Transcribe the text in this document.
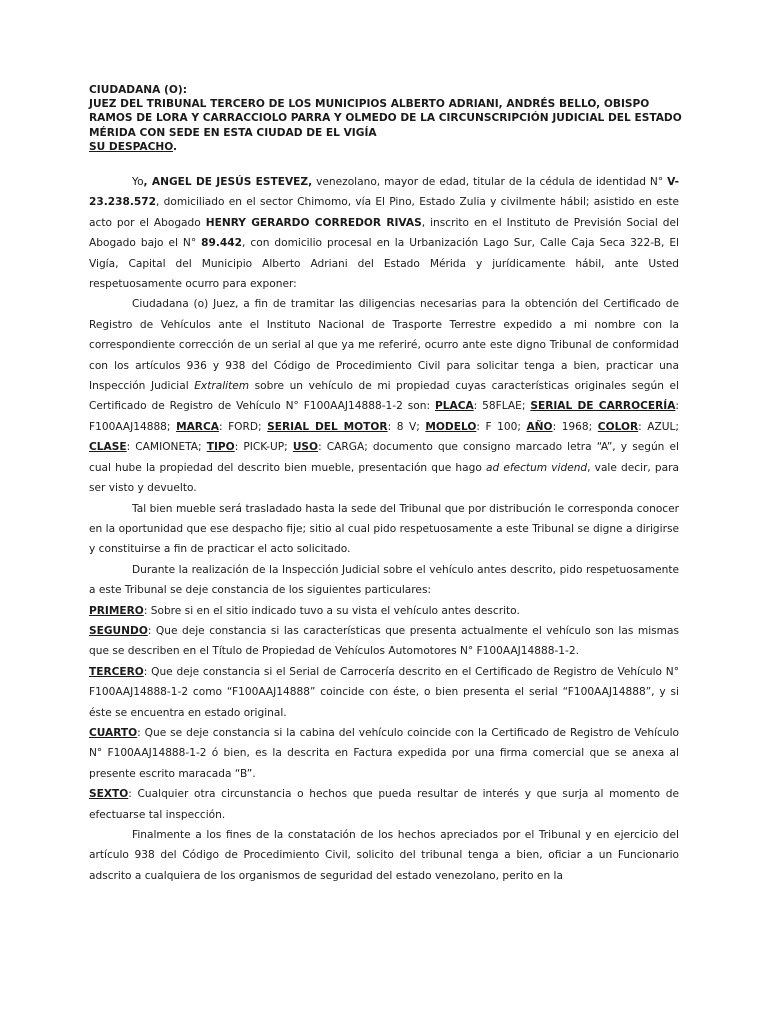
CIUDADANA (O):

JUEZ DEL TRIBUNAL TERCERO DE LOS MUNICIPIOS ALBERTO ADRIANI, ANDRÉS BELLO, OBISPO RAMOS DE LORA Y CARRACCIOLO PARRA Y OLMEDO DE LA CIRCUNSCRIPCIÓN JUDICIAL DEL ESTADO MÉRIDA CON SEDE EN ESTA CIUDAD DE EL VIGÍA

SU DESPACHO.

Yo, ANGEL DE JESÚS ESTEVEZ, venezolano, mayor de edad, titular de la cédula de identidad N° V-23.238.572, domiciliado en el sector Chimomo, vía El Pino, Estado Zulia y civilmente hábil; asistido en este acto por el Abogado HENRY GERARDO CORREDOR RIVAS, inscrito en el Instituto de Previsión Social del Abogado bajo el N° 89.442, con domicilio procesal en la Urbanización Lago Sur, Calle Caja Seca 322-B, El Vigía, Capital del Municipio Alberto Adriani del Estado Mérida y jurídicamente hábil, ante Usted respetuosamente ocurro para exponer:

Ciudadana (o) Juez, a fin de tramitar las diligencias necesarias para la obtención del Certificado de Registro de Vehículos ante el Instituto Nacional de Trasporte Terrestre expedido a mi nombre con la correspondiente corrección de un serial al que ya me referiré, ocurro ante este digno Tribunal de conformidad con los artículos 936 y 938 del Código de Procedimiento Civil para solicitar tenga a bien, practicar una Inspección Judicial Extralitem sobre un vehículo de mi propiedad cuyas características originales según el Certificado de Registro de Vehículo N° F100AAJ14888-1-2 son: PLACA: 58FLAE; SERIAL DE CARROCERÍA: F100AAJ14888; MARCA: FORD; SERIAL DEL MOTOR: 8 V; MODELO: F 100; AÑO: 1968; COLOR: AZUL; CLASE: CAMIONETA; TIPO: PICK-UP; USO: CARGA; documento que consigno marcado letra “A”, y según el cual hube la propiedad del descrito bien mueble, presentación que hago ad efectum vidend, vale decir, para ser visto y devuelto.

Tal bien mueble será trasladado hasta la sede del Tribunal que por distribución le corresponda conocer en la oportunidad que ese despacho fije; sitio al cual pido respetuosamente a este Tribunal se digne a dirigirse y constituirse a fin de practicar el acto solicitado.

Durante la realización de la Inspección Judicial sobre el vehículo antes descrito, pido respetuosamente a este Tribunal se deje constancia de los siguientes particulares:

PRIMERO: Sobre si en el sitio indicado tuvo a su vista el vehículo antes descrito.

SEGUNDO: Que deje constancia si las características que presenta actualmente el vehículo son las mismas que se describen en el Título de Propiedad de Vehículos Automotores N° F100AAJ14888-1-2.

TERCERO: Que deje constancia si el Serial de Carrocería descrito en el Certificado de Registro de Vehículo N° F100AAJ14888-1-2 como “F100AAJ14888” coincide con éste, o bien presenta el serial “F100AAJ14888”, y si éste se encuentra en estado original.

CUARTO: Que se deje constancia si la cabina del vehículo coincide con la Certificado de Registro de Vehículo N° F100AAJ14888-1-2 ó bien, es la descrita en Factura expedida por una firma comercial que se anexa al presente escrito maracada “B”.

SEXTO: Cualquier otra circunstancia o hechos que pueda resultar de interés y que surja al momento de efectuarse tal inspección.

Finalmente a los fines de la constatación de los hechos apreciados por el Tribunal y en ejercicio del artículo 938 del Código de Procedimiento Civil, solicito del tribunal tenga a bien, oficiar a un Funcionario adscrito a cualquiera de los organismos de seguridad del estado venezolano, perito en la
